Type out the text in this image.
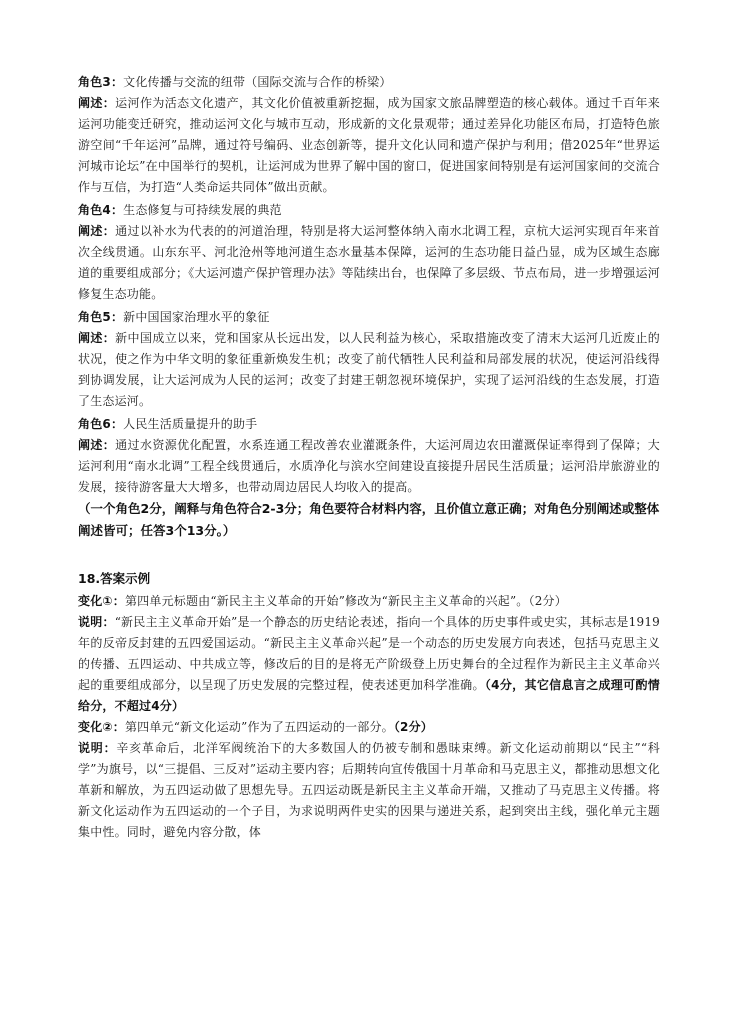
角色3：文化传播与交流的纽带（国际交流与合作的桥梁）

阐述：运河作为活态文化遗产，其文化价值被重新挖掘，成为国家文旅品牌塑造的核心载体。通过千百年来运河功能变迁研究，推动运河文化与城市互动，形成新的文化景观带；通过差异化功能区布局，打造特色旅游空间“千年运河”品牌，通过符号编码、业态创新等，提升文化认同和遗产保护与利用；借2025年“世界运河城市论坛”在中国举行的契机，让运河成为世界了解中国的窗口，促进国家间特别是有运河国家间的交流合作与互信，为打造“人类命运共同体”做出贡献。

角色4：生态修复与可持续发展的典范

阐述：通过以补水为代表的的河道治理，特别是将大运河整体纳入南水北调工程，京杭大运河实现百年来首次全线贯通。山东东平、河北沧州等地河道生态水量基本保障，运河的生态功能日益凸显，成为区域生态廊道的重要组成部分；《大运河遗产保护管理办法》等陆续出台，也保障了多层级、节点布局，进一步增强运河修复生态功能。

角色5：新中国国家治理水平的象征

阐述：新中国成立以来，党和国家从长远出发，以人民利益为核心，采取措施改变了清末大运河几近废止的状况，使之作为中华文明的象征重新焕发生机；改变了前代牺牲人民利益和局部发展的状况，使运河沿线得到协调发展，让大运河成为人民的运河；改变了封建王朝忽视环境保护，实现了运河沿线的生态发展，打造了生态运河。

角色6：人民生活质量提升的助手

阐述：通过水资源优化配置，水系连通工程改善农业灌溉条件，大运河周边农田灌溉保证率得到了保障；大运河利用“南水北调”工程全线贯通后，水质净化与滨水空间建设直接提升居民生活质量；运河沿岸旅游业的发展，接待游客量大大增多，也带动周边居民人均收入的提高。

（一个角色2分，阐释与角色符合2-3分；角色要符合材料内容，且价值立意正确；对角色分别阐述或整体阐述皆可；任答3个13分。）

18.答案示例

变化①：第四单元标题由“新民主主义革命的开始”修改为“新民主主义革命的兴起”。（2分）

说明：“新民主主义革命开始”是一个静态的历史结论表述，指向一个具体的历史事件或史实，其标志是1919年的反帝反封建的五四爱国运动。“新民主主义革命兴起”是一个动态的历史发展方向表述，包括马克思主义的传播、五四运动、中共成立等，修改后的目的是将无产阶级登上历史舞台的全过程作为新民主主义革命兴起的重要组成部分，以呈现了历史发展的完整过程，使表述更加科学准确。（4分，其它信息言之成理可酌情给分，不超过4分）

变化②：第四单元“新文化运动”作为了五四运动的一部分。（2分）

说明：辛亥革命后，北洋军阀统治下的大多数国人的仍被专制和愚昧束缚。新文化运动前期以“民主”“科学”为旗号，以“三提倡、三反对”运动主要内容；后期转向宣传俄国十月革命和马克思主义，都推动思想文化革新和解放，为五四运动做了思想先导。五四运动既是新民主主义革命开端，又推动了马克思主义传播。将新文化运动作为五四运动的一个子目，为求说明两件史实的因果与递进关系，起到突出主线，强化单元主题集中性。同时，避免内容分散，体
